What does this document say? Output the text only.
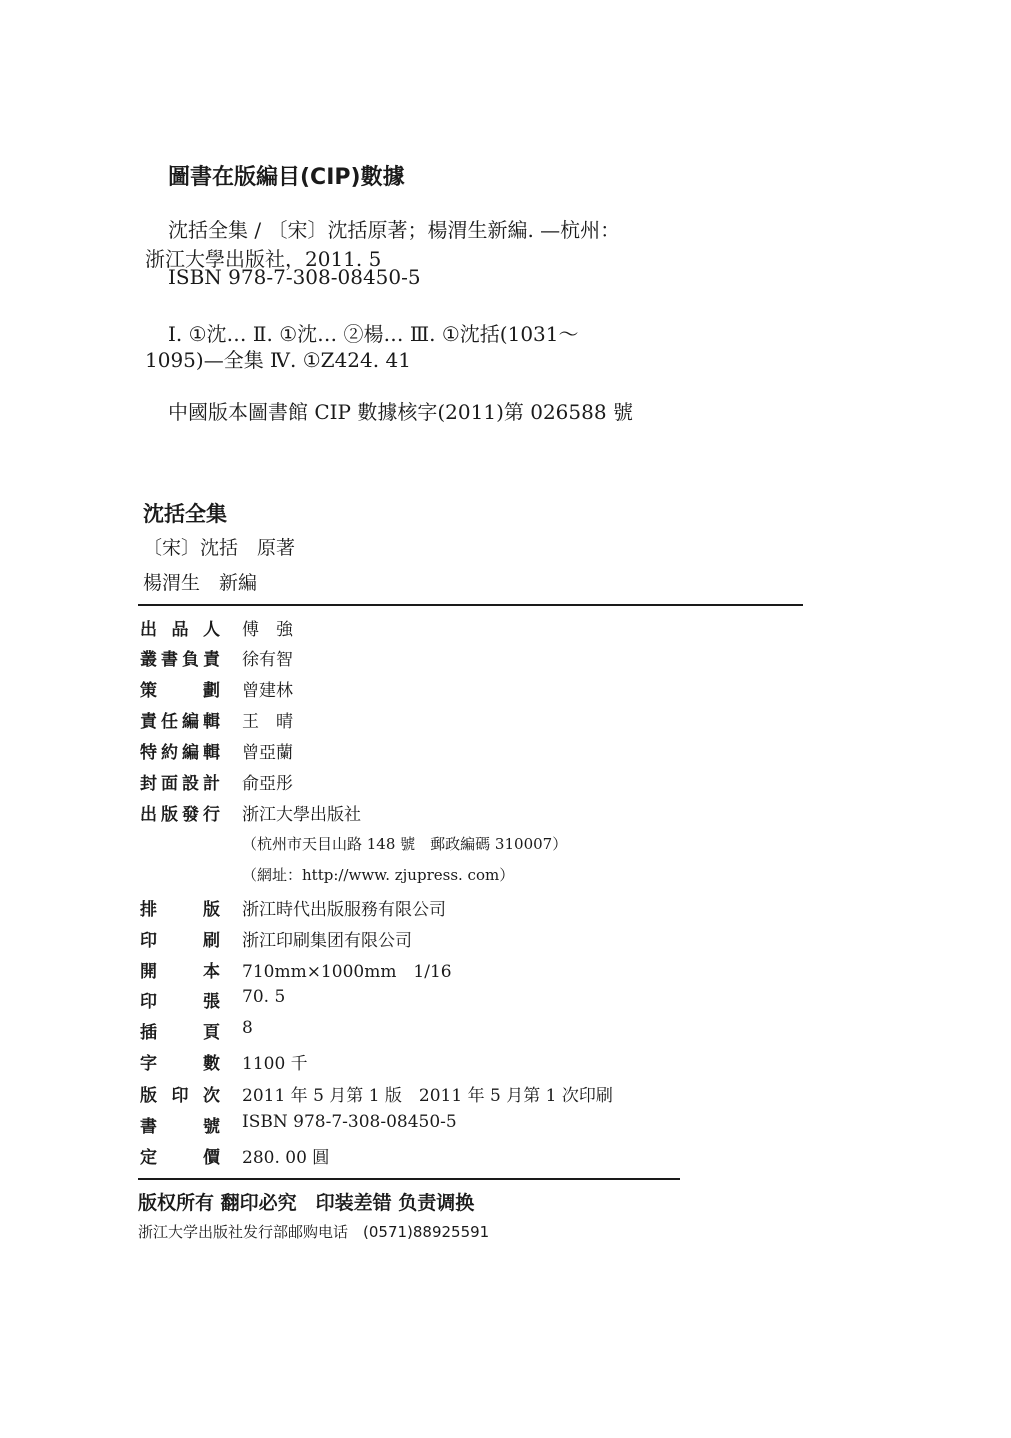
圖書在版編目(CIP)數據
沈括全集 / 〔宋〕沈括原著；楊渭生新編. —杭州：
浙江大學出版社，2011. 5
ISBN 978-7-308-08450-5
Ⅰ. ①沈… Ⅱ. ①沈… ②楊… Ⅲ. ①沈括(1031～
1095)—全集 Ⅳ. ①Z424. 41
中國版本圖書館 CIP 數據核字(2011)第 026588 號
沈括全集
〔宋〕沈括　原著
楊渭生　新編
出 品 人 傅　強
叢 書 負 責 徐有智
策	劃 曾建林
責 任 編 輯 王　晴
特 約 編 輯 曾亞蘭
封 面 設 計 俞亞彤
出 版 發 行 浙江大學出版社
（杭州市天目山路 148 號　郵政編碼 310007）
（網址：http://www. zjupress. com）
排	版 浙江時代出版服務有限公司
印	刷 浙江印刷集团有限公司
開	本 710mm×1000mm　1/16
印	張 70. 5
插	頁 8
字	數 1100 千
版 印 次 2011 年 5 月第 1 版　2011 年 5 月第 1 次印刷
書	號 ISBN 978-7-308-08450-5
定	價 280. 00 圓
版权所有 翻印必究　印装差错 负责调换
浙江大学出版社发行部邮购电话　(0571)88925591
